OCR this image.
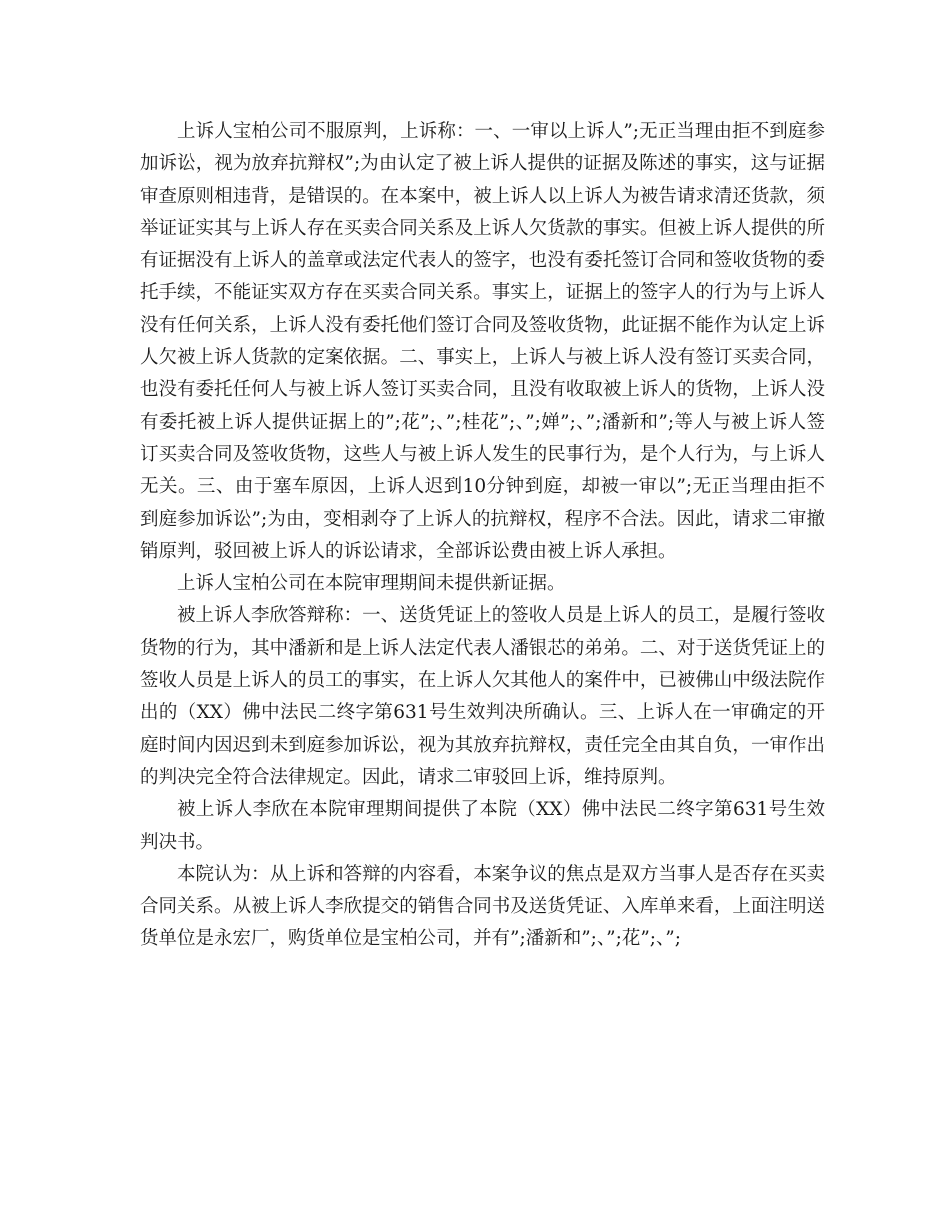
上诉人宝柏公司不服原判，上诉称：一、一审以上诉人”;无正当理由拒不到庭参加诉讼，视为放弃抗辩权”;为由认定了被上诉人提供的证据及陈述的事实，这与证据审查原则相违背，是错误的。在本案中，被上诉人以上诉人为被告请求清还货款，须举证证实其与上诉人存在买卖合同关系及上诉人欠货款的事实。但被上诉人提供的所有证据没有上诉人的盖章或法定代表人的签字，也没有委托签订合同和签收货物的委托手续，不能证实双方存在买卖合同关系。事实上，证据上的签字人的行为与上诉人没有任何关系，上诉人没有委托他们签订合同及签收货物，此证据不能作为认定上诉人欠被上诉人货款的定案依据。二、事实上，上诉人与被上诉人没有签订买卖合同，也没有委托任何人与被上诉人签订买卖合同，且没有收取被上诉人的货物，上诉人没有委托被上诉人提供证据上的”;花”;、”;桂花”;、”;婵”;、”;潘新和”;等人与被上诉人签订买卖合同及签收货物，这些人与被上诉人发生的民事行为，是个人行为，与上诉人无关。三、由于塞车原因，上诉人迟到10分钟到庭，却被一审以”;无正当理由拒不到庭参加诉讼”;为由，变相剥夺了上诉人的抗辩权，程序不合法。因此，请求二审撤销原判，驳回被上诉人的诉讼请求，全部诉讼费由被上诉人承担。

上诉人宝柏公司在本院审理期间未提供新证据。

被上诉人李欣答辩称：一、送货凭证上的签收人员是上诉人的员工，是履行签收货物的行为，其中潘新和是上诉人法定代表人潘银芯的弟弟。二、对于送货凭证上的签收人员是上诉人的员工的事实，在上诉人欠其他人的案件中，已被佛山中级法院作出的（XX）佛中法民二终字第631号生效判决所确认。三、上诉人在一审确定的开庭时间内因迟到未到庭参加诉讼，视为其放弃抗辩权，责任完全由其自负，一审作出的判决完全符合法律规定。因此，请求二审驳回上诉，维持原判。

被上诉人李欣在本院审理期间提供了本院（XX）佛中法民二终字第631号生效判决书。

本院认为：从上诉和答辩的内容看，本案争议的焦点是双方当事人是否存在买卖合同关系。从被上诉人李欣提交的销售合同书及送货凭证、入库单来看，上面注明送货单位是永宏厂，购货单位是宝柏公司，并有”;潘新和”;、”;花”;、”;
